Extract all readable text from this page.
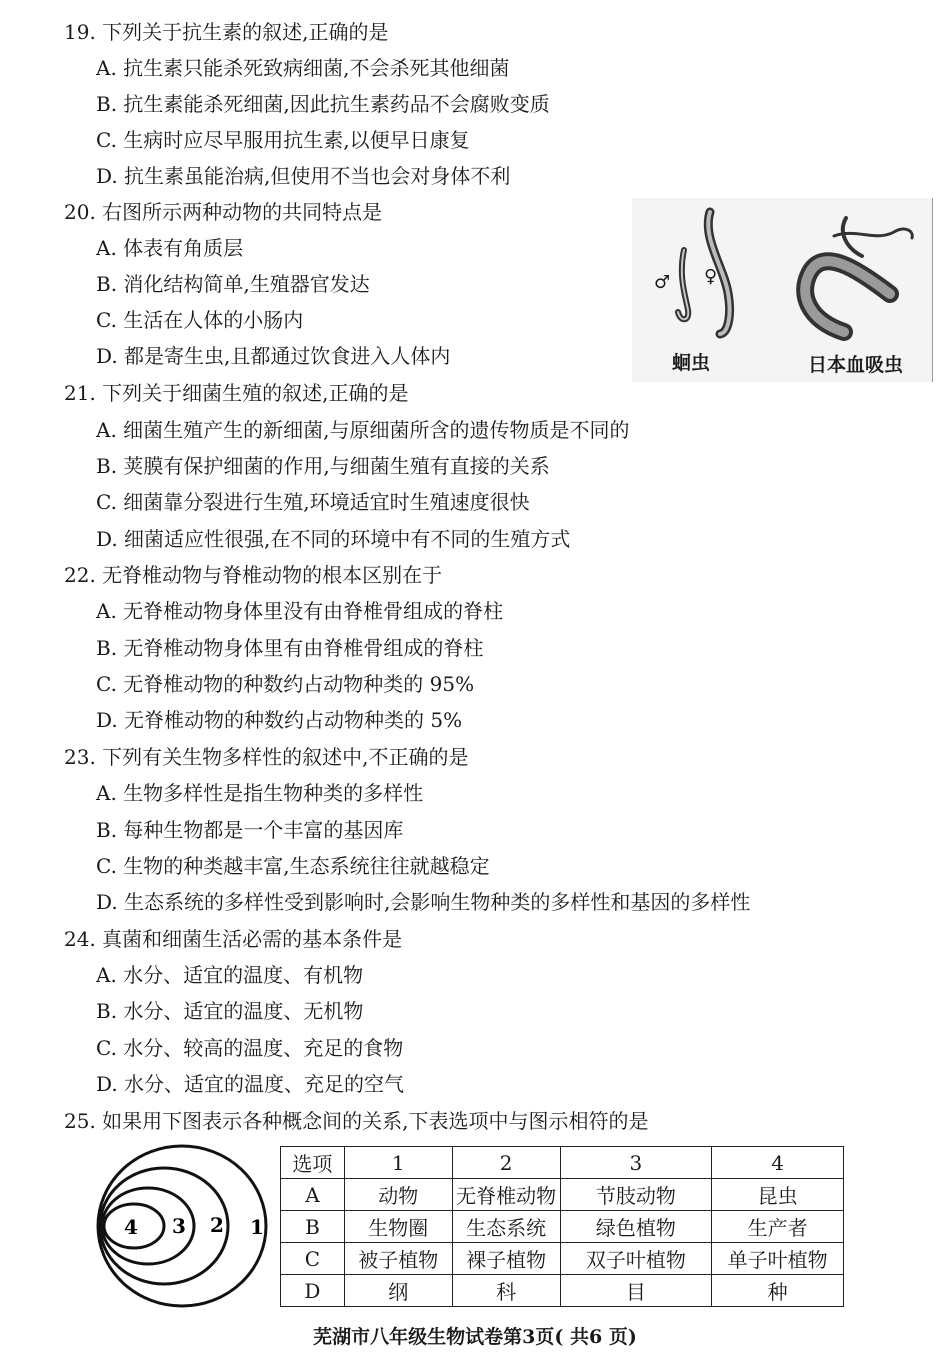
19. 下列关于抗生素的叙述,正确的是
A. 抗生素只能杀死致病细菌,不会杀死其他细菌
B. 抗生素能杀死细菌,因此抗生素药品不会腐败变质
C. 生病时应尽早服用抗生素,以便早日康复
D. 抗生素虽能治病,但使用不当也会对身体不利
20. 右图所示两种动物的共同特点是
A. 体表有角质层
B. 消化结构简单,生殖器官发达
C. 生活在人体的小肠内
D. 都是寄生虫,且都通过饮食进入人体内
♂ ♀
蛔虫	日本血吸虫
21. 下列关于细菌生殖的叙述,正确的是
A. 细菌生殖产生的新细菌,与原细菌所含的遗传物质是不同的
B. 荚膜有保护细菌的作用,与细菌生殖有直接的关系
C. 细菌靠分裂进行生殖,环境适宜时生殖速度很快
D. 细菌适应性很强,在不同的环境中有不同的生殖方式
22. 无脊椎动物与脊椎动物的根本区别在于
A. 无脊椎动物身体里没有由脊椎骨组成的脊柱
B. 无脊椎动物身体里有由脊椎骨组成的脊柱
C. 无脊椎动物的种数约占动物种类的 95%
D. 无脊椎动物的种数约占动物种类的 5%
23. 下列有关生物多样性的叙述中,不正确的是
A. 生物多样性是指生物种类的多样性
B. 每种生物都是一个丰富的基因库
C. 生物的种类越丰富,生态系统往往就越稳定
D. 生态系统的多样性受到影响时,会影响生物种类的多样性和基因的多样性
24. 真菌和细菌生活必需的基本条件是
A. 水分、适宜的温度、有机物
B. 水分、适宜的温度、无机物
C. 水分、较高的温度、充足的食物
D. 水分、适宜的温度、充足的空气
25. 如果用下图表示各种概念间的关系,下表选项中与图示相符的是
1
2
3
4
选项	1	2	3	4
A	动物	无脊椎动物	节肢动物	昆虫
B	生物圈	生态系统	绿色植物	生产者
C	被子植物	裸子植物	双子叶植物	单子叶植物
D	纲	科	目	种
芜湖市八年级生物试卷第3页( 共6 页)
